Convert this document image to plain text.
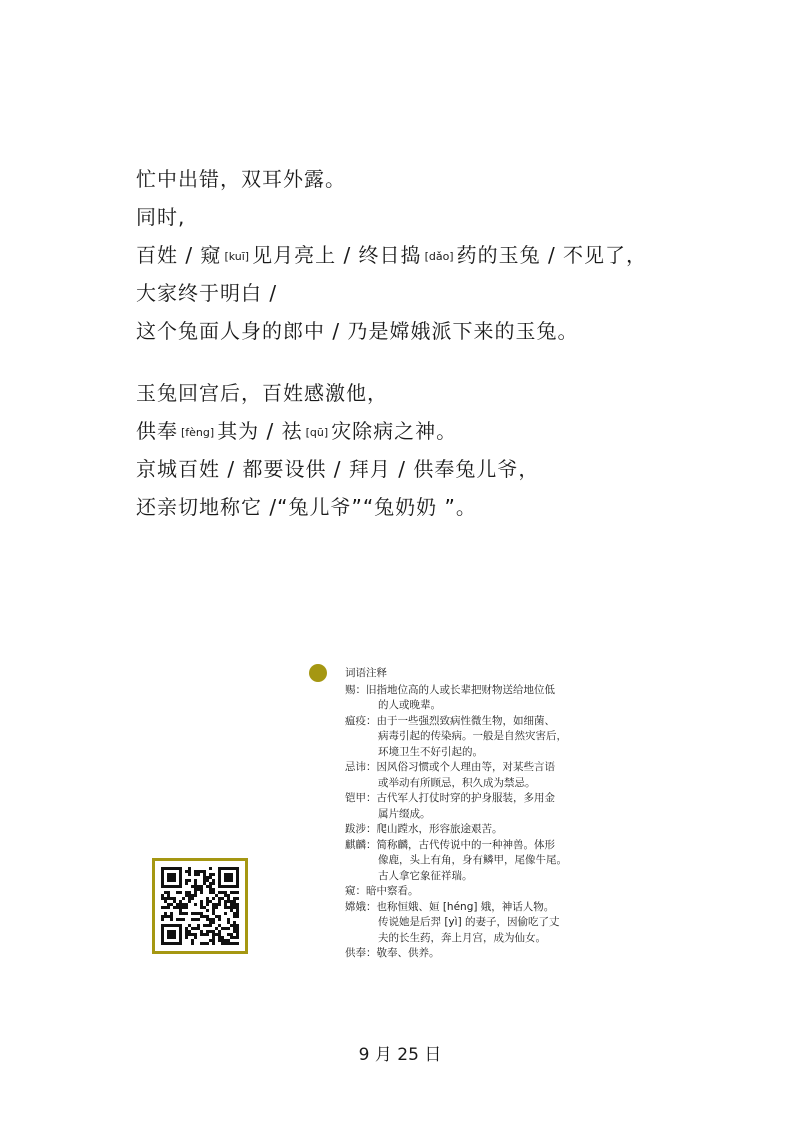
忙中出错，双耳外露。
同时,
百姓 / 窥 [kuī] 见月亮上 / 终日捣 [dǎo] 药的玉兔 / 不见了，
大家终于明白 /
这个兔面人身的郎中 / 乃是嫦娥派下来的玉兔。
玉兔回宫后，百姓感激他，
供奉 [fèng] 其为 / 祛 [qū] 灾除病之神。
京城百姓 / 都要设供 / 拜月 / 供奉兔儿爷，
还亲切地称它 /“兔儿爷”“兔奶奶 ”。
词语注释
赐：旧指地位高的人或长辈把财物送给地位低
的人或晚辈。
瘟疫：由于一些强烈致病性微生物，如细菌、
病毒引起的传染病。一般是自然灾害后，
环境卫生不好引起的。
忌讳：因风俗习惯或个人理由等，对某些言语
或举动有所顾忌，积久成为禁忌。
铠甲：古代军人打仗时穿的护身服装，多用金
属片缀成。
跋涉：爬山蹚水，形容旅途艰苦。
麒麟：简称麟，古代传说中的一种神兽。体形
像鹿，头上有角，身有鳞甲，尾像牛尾。
古人拿它象征祥瑞。
窥：暗中察看。
嫦娥：也称恒娥、姮 [héng] 娥，神话人物。
传说她是后羿 [yì] 的妻子，因偷吃了丈
夫的长生药，奔上月宫，成为仙女。
供奉：敬奉、供养。
9 月 25 日
